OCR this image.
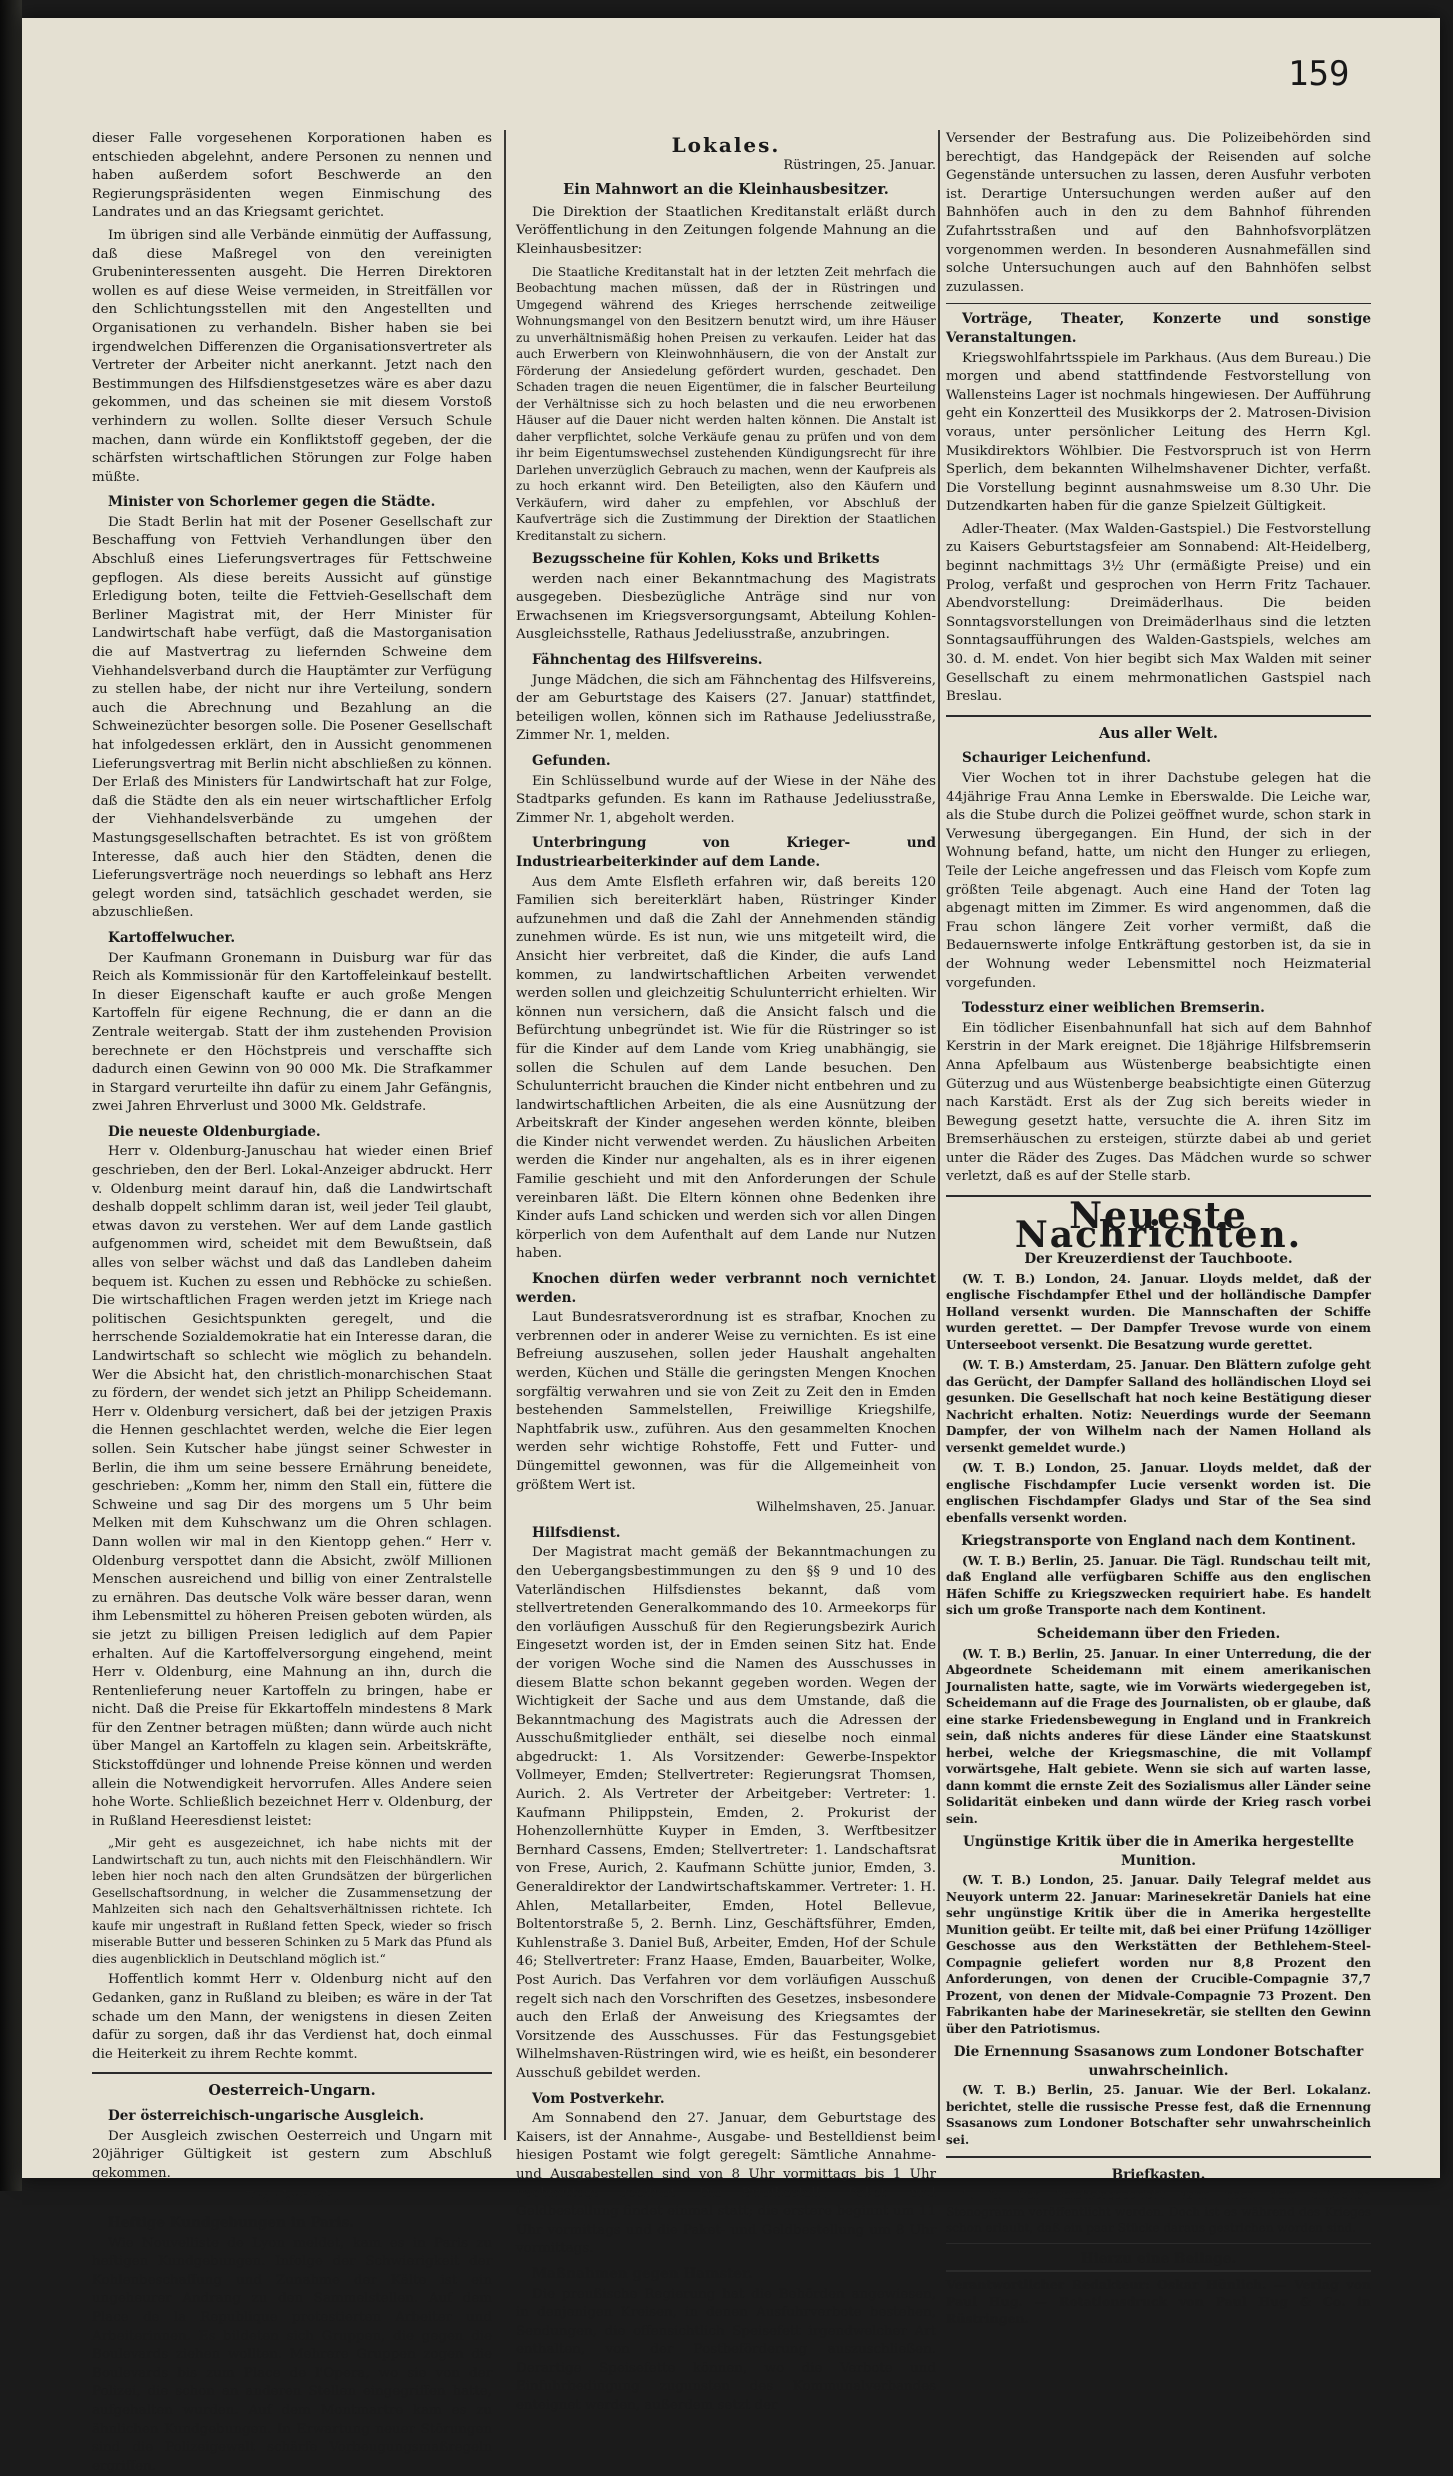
159

dieser Falle vorgesehenen Korporationen haben es entschieden abgelehnt, andere Personen zu nennen und haben außerdem sofort Beschwerde an den Regierungspräsidenten wegen Einmischung des Landrates und an das Kriegsamt gerichtet.

Im übrigen sind alle Verbände einmütig der Auffassung, daß diese Maßregel von den vereinigten Grubeninteressenten ausgeht. Die Herren Direktoren wollen es auf diese Weise vermeiden, in Streitfällen vor den Schlichtungsstellen mit den Angestellten und Organisationen zu verhandeln. Bisher haben sie bei irgendwelchen Differenzen die Organisationsvertreter als Vertreter der Arbeiter nicht anerkannt. Jetzt nach den Bestimmungen des Hilfsdienstgesetzes wäre es aber dazu gekommen, und das scheinen sie mit diesem Vorstoß verhindern zu wollen. Sollte dieser Versuch Schule machen, dann würde ein Konfliktstoff gegeben, der die schärfsten wirtschaftlichen Störungen zur Folge haben müßte.

Minister von Schorlemer gegen die Städte.

Die Stadt Berlin hat mit der Posener Gesellschaft zur Beschaffung von Fettvieh Verhandlungen über den Abschluß eines Lieferungsvertrages für Fettschweine gepflogen. Als diese bereits Aussicht auf günstige Erledigung boten, teilte die Fettvieh-Gesellschaft dem Berliner Magistrat mit, der Herr Minister für Landwirtschaft habe verfügt, daß die Mastorganisation die auf Mastvertrag zu liefernden Schweine dem Viehhandelsverband durch die Hauptämter zur Verfügung zu stellen habe, der nicht nur ihre Verteilung, sondern auch die Abrechnung und Bezahlung an die Schweinezüchter besorgen solle. Die Posener Gesellschaft hat infolgedessen erklärt, den in Aussicht genommenen Lieferungsvertrag mit Berlin nicht abschließen zu können. Der Erlaß des Ministers für Landwirtschaft hat zur Folge, daß die Städte den als ein neuer wirtschaftlicher Erfolg der Viehhandelsverbände zu umgehen der Mastungsgesellschaften betrachtet. Es ist von größtem Interesse, daß auch hier den Städten, denen die Lieferungsverträge noch neuerdings so lebhaft ans Herz gelegt worden sind, tatsächlich geschadet werden, sie abzuschließen.

Kartoffelwucher.

Der Kaufmann Gronemann in Duisburg war für das Reich als Kommissionär für den Kartoffeleinkauf bestellt. In dieser Eigenschaft kaufte er auch große Mengen Kartoffeln für eigene Rechnung, die er dann an die Zentrale weitergab. Statt der ihm zustehenden Provision berechnete er den Höchstpreis und verschaffte sich dadurch einen Gewinn von 90 000 Mk. Die Strafkammer in Stargard verurteilte ihn dafür zu einem Jahr Gefängnis, zwei Jahren Ehrverlust und 3000 Mk. Geldstrafe.

Die neueste Oldenburgiade.

Herr v. Oldenburg-Januschau hat wieder einen Brief geschrieben, den der Berl. Lokal-Anzeiger abdruckt. Herr v. Oldenburg meint darauf hin, daß die Landwirtschaft deshalb doppelt schlimm daran ist, weil jeder Teil glaubt, etwas davon zu verstehen. Wer auf dem Lande gastlich aufgenommen wird, scheidet mit dem Bewußtsein, daß alles von selber wächst und daß das Landleben daheim bequem ist. Kuchen zu essen und Rebhöcke zu schießen. Die wirtschaftlichen Fragen werden jetzt im Kriege nach politischen Gesichtspunkten geregelt, und die herrschende Sozialdemokratie hat ein Interesse daran, die Landwirtschaft so schlecht wie möglich zu behandeln. Wer die Absicht hat, den christlich-monarchischen Staat zu fördern, der wendet sich jetzt an Philipp Scheidemann. Herr v. Oldenburg versichert, daß bei der jetzigen Praxis die Hennen geschlachtet werden, welche die Eier legen sollen. Sein Kutscher habe jüngst seiner Schwester in Berlin, die ihm um seine bessere Ernährung beneidete, geschrieben: „Komm her, nimm den Stall ein, füttere die Schweine und sag Dir des morgens um 5 Uhr beim Melken mit dem Kuhschwanz um die Ohren schlagen. Dann wollen wir mal in den Kientopp gehen.“ Herr v. Oldenburg verspottet dann die Absicht, zwölf Millionen Menschen ausreichend und billig von einer Zentralstelle zu ernähren. Das deutsche Volk wäre besser daran, wenn ihm Lebensmittel zu höheren Preisen geboten würden, als sie jetzt zu billigen Preisen lediglich auf dem Papier erhalten. Auf die Kartoffelversorgung eingehend, meint Herr v. Oldenburg, eine Mahnung an ihn, durch die Rentenlieferung neuer Kartoffeln zu bringen, habe er nicht. Daß die Preise für Ekkartoffeln mindestens 8 Mark für den Zentner betragen müßten; dann würde auch nicht über Mangel an Kartoffeln zu klagen sein. Arbeitskräfte, Stickstoffdünger und lohnende Preise können und werden allein die Notwendigkeit hervorrufen. Alles Andere seien hohe Worte. Schließlich bezeichnet Herr v. Oldenburg, der in Rußland Heeresdienst leistet:

„Mir geht es ausgezeichnet, ich habe nichts mit der Landwirtschaft zu tun, auch nichts mit den Fleischhändlern. Wir leben hier noch nach den alten Grundsätzen der bürgerlichen Gesellschaftsordnung, in welcher die Zusammensetzung der Mahlzeiten sich nach den Gehaltsverhältnissen richtete. Ich kaufe mir ungestraft in Rußland fetten Speck, wieder so frisch miserable Butter und besseren Schinken zu 5 Mark das Pfund als dies augenblicklich in Deutschland möglich ist.“

Hoffentlich kommt Herr v. Oldenburg nicht auf den Gedanken, ganz in Rußland zu bleiben; es wäre in der Tat schade um den Mann, der wenigstens in diesen Zeiten dafür zu sorgen, daß ihr das Verdienst hat, doch einmal die Heiterkeit zu ihrem Rechte kommt.

Oesterreich-Ungarn.
Der österreichisch-ungarische Ausgleich.

Der Ausgleich zwischen Oesterreich und Ungarn mit 20jähriger Gültigkeit ist gestern zum Abschluß gekommen.

Frankreich.
Heftige Kundgebungen in Paris.

Wie Nouvelliste de Lyon meldet, kam es in Paris zu heftigen Kundgebungen. Infolge der Schwierigkeit der Kohlenbeschaffung und Zunahme der Kälte ist ein ungeheurer Andrang zu den Sammelstellen. Auf dem Place de la Republique protestierten Arbeiter und Arbeiterinnen. Es bildeten sich Gruppen, die gegen die Boulevards ziehen wollten. Mehrere Gruppen zogen die Boulevards bis zum Place de l'Opera, wo sie von der Polizei, die schon an anderen Stellen eingegriffen hatte, aufgehalten wurden. Auf dem Montmartre kam es zu ähnlichen Kundgebungen. In Erwartung neuer Störungen sind die Polizeigewalt schärfe Vorbeugungsmaßregeln ergriffen.

Lokales.
Rüstringen, 25. Januar.
Ein Mahnwort an die Kleinhausbesitzer.

Die Direktion der Staatlichen Kreditanstalt erläßt durch Veröffentlichung in den Zeitungen folgende Mahnung an die Kleinhausbesitzer:

Die Staatliche Kreditanstalt hat in der letzten Zeit mehrfach die Beobachtung machen müssen, daß der in Rüstringen und Umgegend während des Krieges herrschende zeitweilige Wohnungsmangel von den Besitzern benutzt wird, um ihre Häuser zu unverhältnismäßig hohen Preisen zu verkaufen. Leider hat das auch Erwerbern von Kleinwohnhäusern, die von der Anstalt zur Förderung der Ansiedelung gefördert wurden, geschadet. Den Schaden tragen die neuen Eigentümer, die in falscher Beurteilung der Verhältnisse sich zu hoch belasten und die neu erworbenen Häuser auf die Dauer nicht werden halten können. Die Anstalt ist daher verpflichtet, solche Verkäufe genau zu prüfen und von dem ihr beim Eigentumswechsel zustehenden Kündigungsrecht für ihre Darlehen unverzüglich Gebrauch zu machen, wenn der Kaufpreis als zu hoch erkannt wird. Den Beteiligten, also den Käufern und Verkäufern, wird daher zu empfehlen, vor Abschluß der Kaufverträge sich die Zustimmung der Direktion der Staatlichen Kreditanstalt zu sichern.

Bezugsscheine für Kohlen, Koks und Briketts

werden nach einer Bekanntmachung des Magistrats ausgegeben. Diesbezügliche Anträge sind nur von Erwachsenen im Kriegsversorgungsamt, Abteilung Kohlen-Ausgleichsstelle, Rathaus Jedeliusstraße, anzubringen.

Fähnchentag des Hilfsvereins.

Junge Mädchen, die sich am Fähnchentag des Hilfsvereins, der am Geburtstage des Kaisers (27. Januar) stattfindet, beteiligen wollen, können sich im Rathause Jedeliusstraße, Zimmer Nr. 1, melden.

Gefunden.

Ein Schlüsselbund wurde auf der Wiese in der Nähe des Stadtparks gefunden. Es kann im Rathause Jedeliusstraße, Zimmer Nr. 1, abgeholt werden.

Unterbringung von Krieger- und Industriearbeiterkinder auf dem Lande.

Aus dem Amte Elsfleth erfahren wir, daß bereits 120 Familien sich bereiterklärt haben, Rüstringer Kinder aufzunehmen und daß die Zahl der Annehmenden ständig zunehmen würde. Es ist nun, wie uns mitgeteilt wird, die Ansicht hier verbreitet, daß die Kinder, die aufs Land kommen, zu landwirtschaftlichen Arbeiten verwendet werden sollen und gleichzeitig Schulunterricht erhielten. Wir können nun versichern, daß die Ansicht falsch und die Befürchtung unbegründet ist. Wie für die Rüstringer so ist für die Kinder auf dem Lande vom Krieg unabhängig, sie sollen die Schulen auf dem Lande besuchen. Den Schulunterricht brauchen die Kinder nicht entbehren und zu landwirtschaftlichen Arbeiten, die als eine Ausnützung der Arbeitskraft der Kinder angesehen werden könnte, bleiben die Kinder nicht verwendet werden. Zu häuslichen Arbeiten werden die Kinder nur angehalten, als es in ihrer eigenen Familie geschieht und mit den Anforderungen der Schule vereinbaren läßt. Die Eltern können ohne Bedenken ihre Kinder aufs Land schicken und werden sich vor allen Dingen körperlich von dem Aufenthalt auf dem Lande nur Nutzen haben.

Knochen dürfen weder verbrannt noch vernichtet werden.

Laut Bundesratsverordnung ist es strafbar, Knochen zu verbrennen oder in anderer Weise zu vernichten. Es ist eine Befreiung auszusehen, sollen jeder Haushalt angehalten werden, Küchen und Ställe die geringsten Mengen Knochen sorgfältig verwahren und sie von Zeit zu Zeit den in Emden bestehenden Sammelstellen, Freiwillige Kriegshilfe, Naphtfabrik usw., zuführen. Aus den gesammelten Knochen werden sehr wichtige Rohstoffe, Fett und Futter- und Düngemittel gewonnen, was für die Allgemeinheit von größtem Wert ist.

Wilhelmshaven, 25. Januar.
Hilfsdienst.

Der Magistrat macht gemäß der Bekanntmachungen zu den Uebergangsbestimmungen zu den §§ 9 und 10 des Vaterländischen Hilfsdienstes bekannt, daß vom stellvertretenden Generalkommando des 10. Armeekorps für den vorläufigen Ausschuß für den Regierungsbezirk Aurich Eingesetzt worden ist, der in Emden seinen Sitz hat. Ende der vorigen Woche sind die Namen des Ausschusses in diesem Blatte schon bekannt gegeben worden. Wegen der Wichtigkeit der Sache und aus dem Umstande, daß die Bekanntmachung des Magistrats auch die Adressen der Ausschußmitglieder enthält, sei dieselbe noch einmal abgedruckt: 1. Als Vorsitzender: Gewerbe-Inspektor Vollmeyer, Emden; Stellvertreter: Regierungsrat Thomsen, Aurich. 2. Als Vertreter der Arbeitgeber: Vertreter: 1. Kaufmann Philippstein, Emden, 2. Prokurist der Hohenzollernhütte Kuyper in Emden, 3. Werftbesitzer Bernhard Cassens, Emden; Stellvertreter: 1. Landschaftsrat von Frese, Aurich, 2. Kaufmann Schütte junior, Emden, 3. Generaldirektor der Landwirtschaftskammer. Vertreter: 1. H. Ahlen, Metallarbeiter, Emden, Hotel Bellevue, Boltentorstraße 5, 2. Bernh. Linz, Geschäftsführer, Emden, Kuhlenstraße 3. Daniel Buß, Arbeiter, Emden, Hof der Schule 46; Stellvertreter: Franz Haase, Emden, Bauarbeiter, Wolke, Post Aurich. Das Verfahren vor dem vorläufigen Ausschuß regelt sich nach den Vorschriften des Gesetzes, insbesondere auch den Erlaß der Anweisung des Kriegsamtes der Vorsitzende des Ausschusses. Für das Festungsgebiet Wilhelmshaven-Rüstringen wird, wie es heißt, ein besonderer Ausschuß gebildet werden.

Vom Postverkehr.

Am Sonnabend den 27. Januar, dem Geburtstage des Kaisers, ist der Annahme-, Ausgabe- und Bestelldienst beim hiesigen Postamt wie folgt geregelt: Sämtliche Annahme- und Ausgabestellen sind von 8 Uhr vormittags bis 1 Uhr nachmittags geöffnet. Die Briefbestell-, Paket- und Geldbestellung findet einmal statt; die erstere beginnt um 11 Uhr vormittags und die Paket- und Geldbestellung um 8 Uhr vormittags.

Maßnahmen gegen Hamster.

Die preußische Regierung hat die Behörden angewiesen, in denjenigen Kreisen, in denen Ausfuhrverbote bestehen, Sendungen, die offensichtlich Speisefett irgendwelcher Art enthalten, von der Postbeförderung auszuschließen. Derartige Speisefette können, wo die Verbote und Einfuhrbedingung zugunsten des Kommunalverbandes enteignet werden, außerdem setzt der

Versender der Bestrafung aus. Die Polizeibehörden sind berechtigt, das Handgepäck der Reisenden auf solche Gegenstände untersuchen zu lassen, deren Ausfuhr verboten ist. Derartige Untersuchungen werden außer auf den Bahnhöfen auch in den zu dem Bahnhof führenden Zufahrtsstraßen und auf den Bahnhofsvorplätzen vorgenommen werden. In besonderen Ausnahmefällen sind solche Untersuchungen auch auf den Bahnhöfen selbst zuzulassen.

Vorträge, Theater, Konzerte und sonstige Veranstaltungen.

Kriegswohlfahrtsspiele im Parkhaus. (Aus dem Bureau.) Die morgen und abend stattfindende Festvorstellung von Wallensteins Lager ist nochmals hingewiesen. Der Aufführung geht ein Konzertteil des Musikkorps der 2. Matrosen-Division voraus, unter persönlicher Leitung des Herrn Kgl. Musikdirektors Wöhlbier. Die Festvorspruch ist von Herrn Sperlich, dem bekannten Wilhelmshavener Dichter, verfaßt. Die Vorstellung beginnt ausnahmsweise um 8.30 Uhr. Die Dutzendkarten haben für die ganze Spielzeit Gültigkeit.

Adler-Theater. (Max Walden-Gastspiel.) Die Festvorstellung zu Kaisers Geburtstagsfeier am Sonnabend: Alt-Heidelberg, beginnt nachmittags 3½ Uhr (ermäßigte Preise) und ein Prolog, verfaßt und gesprochen von Herrn Fritz Tachauer. Abendvorstellung: Dreimäderlhaus. Die beiden Sonntagsvorstellungen von Dreimäderlhaus sind die letzten Sonntagsaufführungen des Walden-Gastspiels, welches am 30. d. M. endet. Von hier begibt sich Max Walden mit seiner Gesellschaft zu einem mehrmonatlichen Gastspiel nach Breslau.

Aus aller Welt.
Schauriger Leichenfund.

Vier Wochen tot in ihrer Dachstube gelegen hat die 44jährige Frau Anna Lemke in Eberswalde. Die Leiche war, als die Stube durch die Polizei geöffnet wurde, schon stark in Verwesung übergegangen. Ein Hund, der sich in der Wohnung befand, hatte, um nicht den Hunger zu erliegen, Teile der Leiche angefressen und das Fleisch vom Kopfe zum größten Teile abgenagt. Auch eine Hand der Toten lag abgenagt mitten im Zimmer. Es wird angenommen, daß die Frau schon längere Zeit vorher vermißt, daß die Bedauernswerte infolge Entkräftung gestorben ist, da sie in der Wohnung weder Lebensmittel noch Heizmaterial vorgefunden.

Todessturz einer weiblichen Bremserin.

Ein tödlicher Eisenbahnunfall hat sich auf dem Bahnhof Kerstrin in der Mark ereignet. Die 18jährige Hilfsbremserin Anna Apfelbaum aus Wüstenberge beabsichtigte einen Güterzug und aus Wüstenberge beabsichtigte einen Güterzug nach Karstädt. Erst als der Zug sich bereits wieder in Bewegung gesetzt hatte, versuchte die A. ihren Sitz im Bremserhäuschen zu ersteigen, stürzte dabei ab und geriet unter die Räder des Zuges. Das Mädchen wurde so schwer verletzt, daß es auf der Stelle starb.

Neueste Nachrichten.
Der Kreuzerdienst der Tauchboote.

(W. T. B.) London, 24. Januar. Lloyds meldet, daß der englische Fischdampfer Ethel und der holländische Dampfer Holland versenkt wurden. Die Mannschaften der Schiffe wurden gerettet. — Der Dampfer Trevose wurde von einem Unterseeboot versenkt. Die Besatzung wurde gerettet.

(W. T. B.) Amsterdam, 25. Januar. Den Blättern zufolge geht das Gerücht, der Dampfer Salland des holländischen Lloyd sei gesunken. Die Gesellschaft hat noch keine Bestätigung dieser Nachricht erhalten. Notiz: Neuerdings wurde der Seemann Dampfer, der von Wilhelm nach der Namen Holland als versenkt gemeldet wurde.)

(W. T. B.) London, 25. Januar. Lloyds meldet, daß der englische Fischdampfer Lucie versenkt worden ist. Die englischen Fischdampfer Gladys und Star of the Sea sind ebenfalls versenkt worden.

Kriegstransporte von England nach dem Kontinent.

(W. T. B.) Berlin, 25. Januar. Die Tägl. Rundschau teilt mit, daß England alle verfügbaren Schiffe aus den englischen Häfen Schiffe zu Kriegszwecken requiriert habe. Es handelt sich um große Transporte nach dem Kontinent.

Scheidemann über den Frieden.

(W. T. B.) Berlin, 25. Januar. In einer Unterredung, die der Abgeordnete Scheidemann mit einem amerikanischen Journalisten hatte, sagte, wie im Vorwärts wiedergegeben ist, Scheidemann auf die Frage des Journalisten, ob er glaube, daß eine starke Friedensbewegung in England und in Frankreich sein, daß nichts anderes für diese Länder eine Staatskunst herbei, welche der Kriegsmaschine, die mit Vollampf vorwärtsgehe, Halt gebiete. Wenn sie sich auf warten lasse, dann kommt die ernste Zeit des Sozialismus aller Länder seine Solidarität einbeken und dann würde der Krieg rasch vorbei sein.

Ungünstige Kritik über die in Amerika hergestellte Munition.

(W. T. B.) London, 25. Januar. Daily Telegraf meldet aus Neuyork unterm 22. Januar: Marinesekretär Daniels hat eine sehr ungünstige Kritik über die in Amerika hergestellte Munition geübt. Er teilte mit, daß bei einer Prüfung 14zölliger Geschosse aus den Werkstätten der Bethlehem-Steel-Compagnie geliefert worden nur 8,8 Prozent den Anforderungen, von denen der Crucible-Compagnie 37,7 Prozent, von denen der Midvale-Compagnie 73 Prozent. Den Fabrikanten habe der Marinesekretär, sie stellten den Gewinn über den Patriotismus.

Die Ernennung Ssasanows zum Londoner Botschafter unwahrscheinlich.

(W. T. B.) Berlin, 25. Januar. Wie der Berl. Lokalanz. berichtet, stelle die russische Presse fest, daß die Ernennung Ssasanows zum Londoner Botschafter sehr unwahrscheinlich sei.

Briefkasten.

L. B. Der Reichstagsbericht kann nach dem offiziellen Stenogramm veröffentlicht werden. Doch ist es während des Krieges schon erlaubt, daß ein paar Stücke daraus gestrichen worden sind.

Hierzu eine Beilage.
Verantwortlicher Redakteur: Oskar Hünlich. — Verlag von Paul Hug. — Rotationsdruck von Paul Hug & Co. in Rüstringen.
